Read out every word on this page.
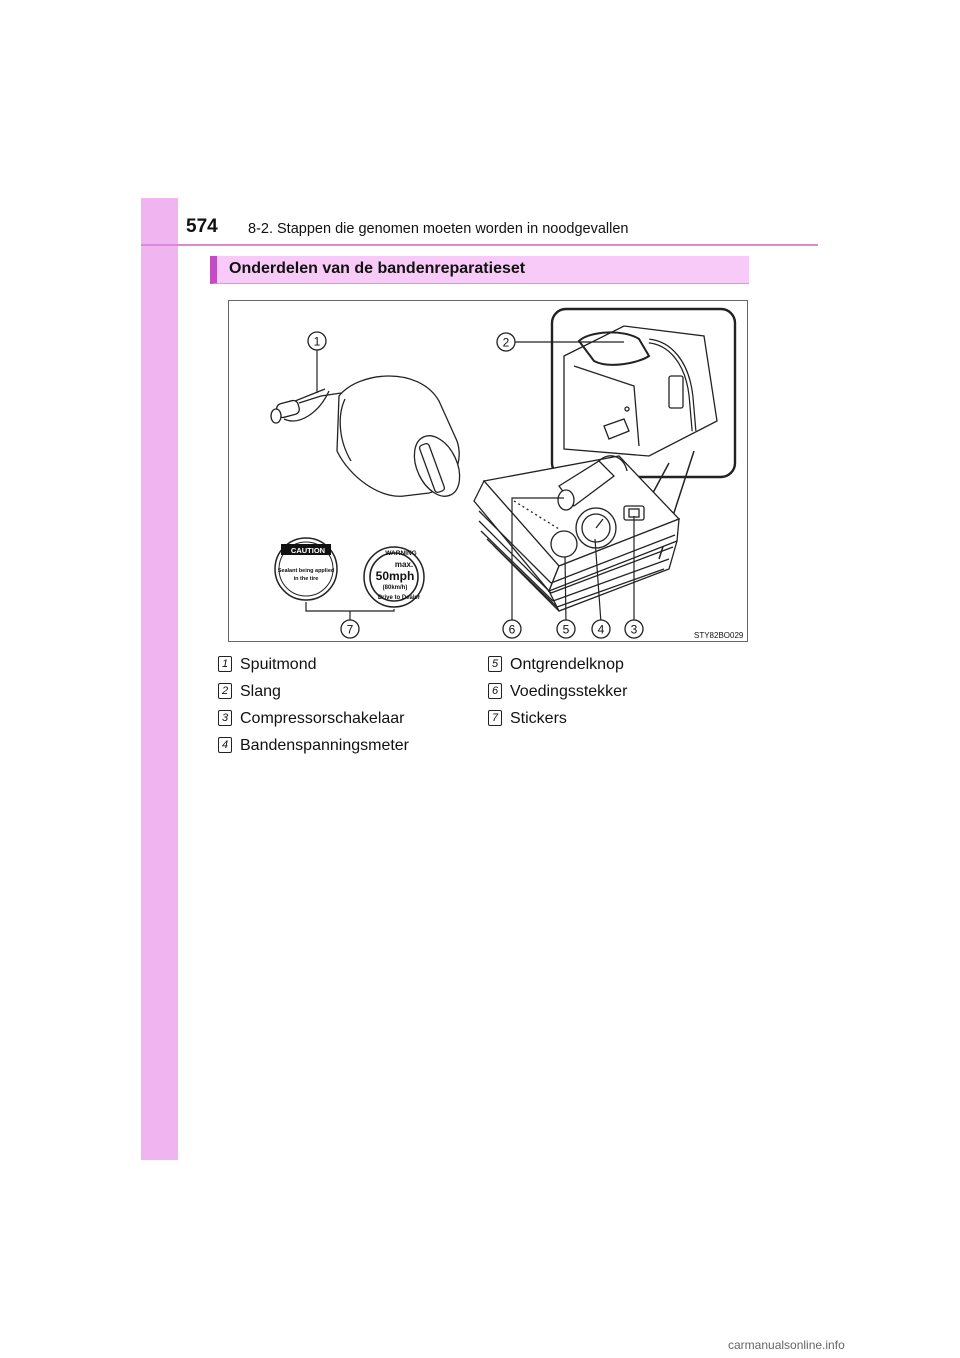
574 8-2. Stappen die genomen moeten worden in noodgevallen
Onderdelen van de bandenreparatieset
CAUTION
Sealant being applied
in the tire
WARNING
max.
50mph
(80km/h)
Drive to Dealer
1	2
3
4
5
6
7	STY82BO029
1 Spuitmond
2 Slang
3 Compressorschakelaar
4 Bandenspanningsmeter
5 Ontgrendelknop
6 Voedingsstekker
7 Stickers
carmanualsonline.info
